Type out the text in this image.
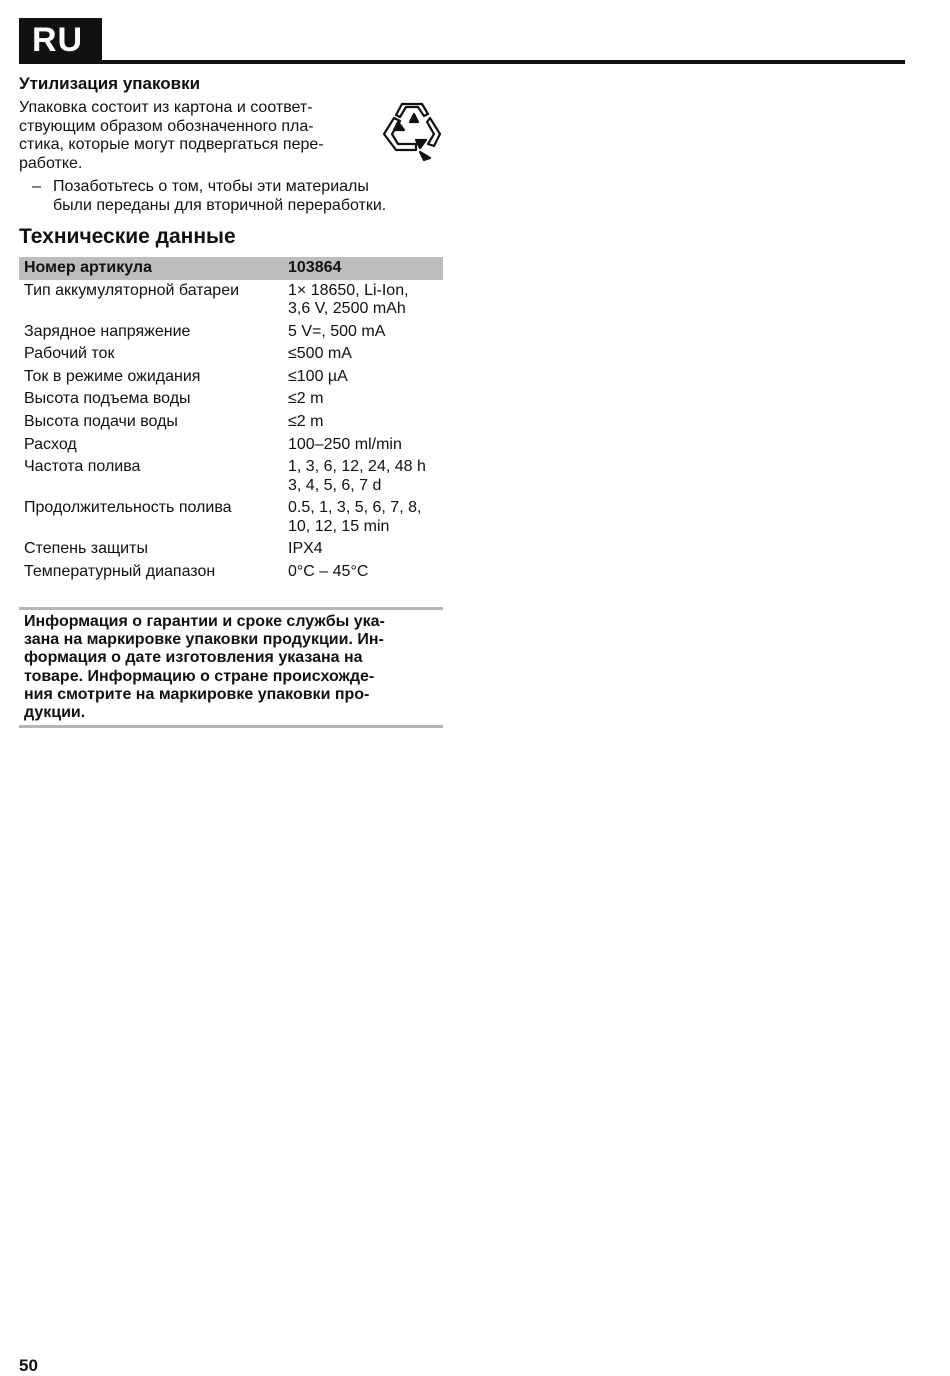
RU
Утилизация упаковки
Упаковка состоит из картона и соответ-
ствующим образом обозначенного пла-
стика, которые могут подвергаться пере-
работке.
– Позаботьтесь о том, чтобы эти материалы
были переданы для вторичной переработки.
Технические данные
Номер артикула	103864
Тип аккумуляторной батареи	1× 18650, Li-Ion,
3,6 V, 2500 mAh

Зарядное напряжение	5 V=, 500 mA

Рабочий ток	≤500 mA

Ток в режиме ожидания	≤100 µA

Высота подъема воды	≤2 m

Высота подачи воды	≤2 m

Расход	100–250 ml/min

Частота полива	1, 3, 6, 12, 24, 48 h
3, 4, 5, 6, 7 d

Продолжительность полива	0.5, 1, 3, 5, 6, 7, 8,
10, 12, 15 min

Степень защиты	IPX4

Температурный диапазон	0°C – 45°C
Информация о гарантии и сроке службы ука-
зана на маркировке упаковки продукции. Ин-
формация о дате изготовления указана на
товаре. Информацию о стране происхожде-
ния смотрите на маркировке упаковки про-
дукции.
50
